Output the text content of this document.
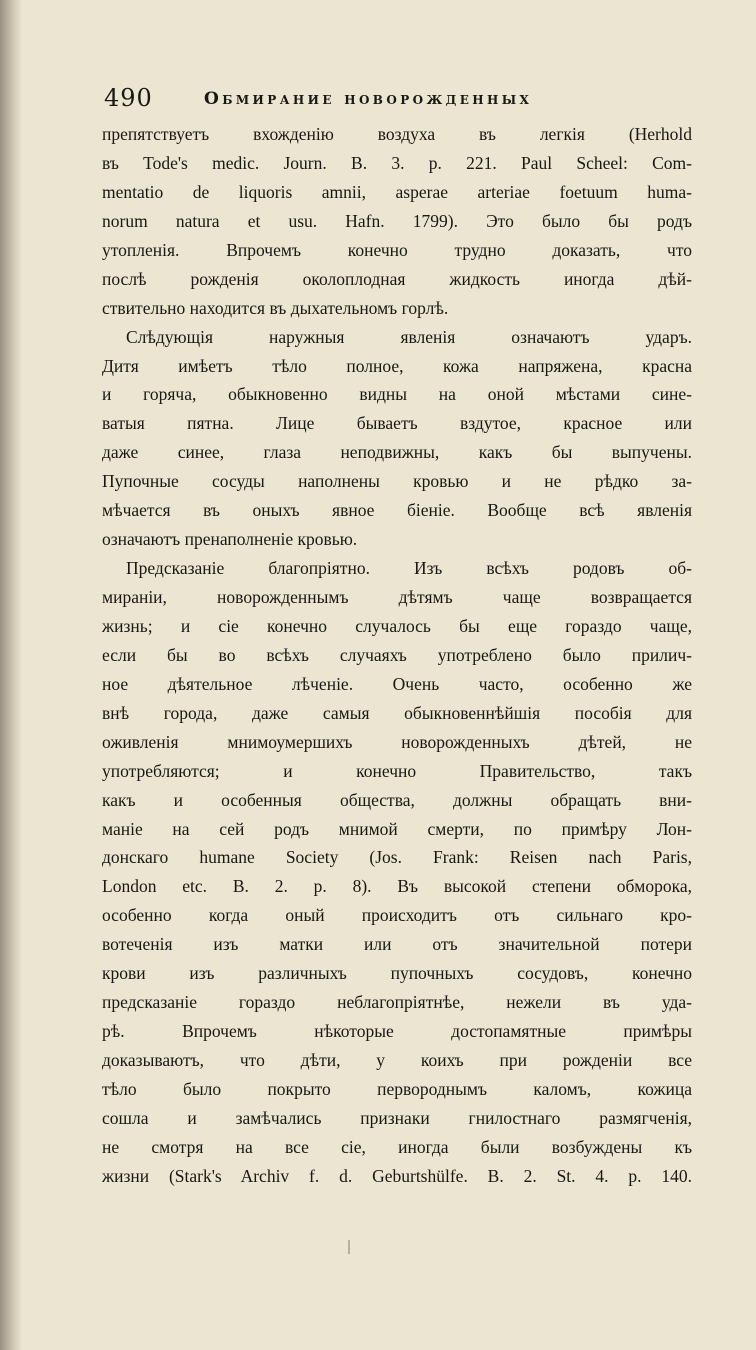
490	Обмирание новорожденных
препятствуетъ вхожденію воздуха въ легкія (Herhold
въ Tode's medic. Journ. B. 3. p. 221. Paul Scheel: Com-
mentatio de liquoris amnii, asperae arteriae foetuum huma-
norum natura et usu. Hafn. 1799). Это было бы родъ
утопленія. Впрочемъ конечно трудно доказать, что
послѣ рожденія околоплодная жидкость иногда дѣй-
ствительно находится въ дыхательномъ горлѣ.
Слѣдующія наружныя явленія означаютъ ударъ.
Дитя имѣетъ тѣло полное, кожа напряжена, красна
и горяча, обыкновенно видны на оной мѣстами сине-
ватыя пятна. Лице бываетъ вздутое, красное или
даже синее, глаза неподвижны, какъ бы выпучены.
Пупочные сосуды наполнены кровью и не рѣдко за-
мѣчается въ оныхъ явное біеніе. Вообще всѣ явленія
означаютъ пренаполненіе кровью.
Предсказаніе благопріятно. Изъ всѣхъ родовъ об-
мираніи, новорожденнымъ дѣтямъ чаще возвращается
жизнь; и сіе конечно случалось бы еще гораздо чаще,
если бы во всѣхъ случаяхъ употреблено было прилич-
ное дѣятельное лѣченіе. Очень часто, особенно же
внѣ города, даже самыя обыкновеннѣйшія пособія для
оживленія мнимоумершихъ новорожденныхъ дѣтей, не
употребляются; и конечно Правительство, такъ
какъ и особенныя общества, должны обращать вни-
маніе на сей родъ мнимой смерти, по примѣру Лон-
донскаго humane Society (Jos. Frank: Reisen nach Paris,
London etc. B. 2. p. 8). Въ высокой степени обморока,
особенно когда оный происходитъ отъ сильнаго кро-
вотеченія изъ матки или отъ значительной потери
крови изъ различныхъ пупочныхъ сосудовъ, конечно
предсказаніе гораздо неблагопріятнѣе, нежели въ уда-
рѣ. Впрочемъ нѣкоторые достопамятные примѣры
доказываютъ, что дѣти, у коихъ при рожденіи все
тѣло было покрыто первороднымъ каломъ, кожица
сошла и замѣчались признаки гнилостнаго размягченія,
не смотря на все сіе, иногда были возбуждены къ
жизни (Stark's Archiv f. d. Geburtshülfe. B. 2. St. 4. p. 140.
